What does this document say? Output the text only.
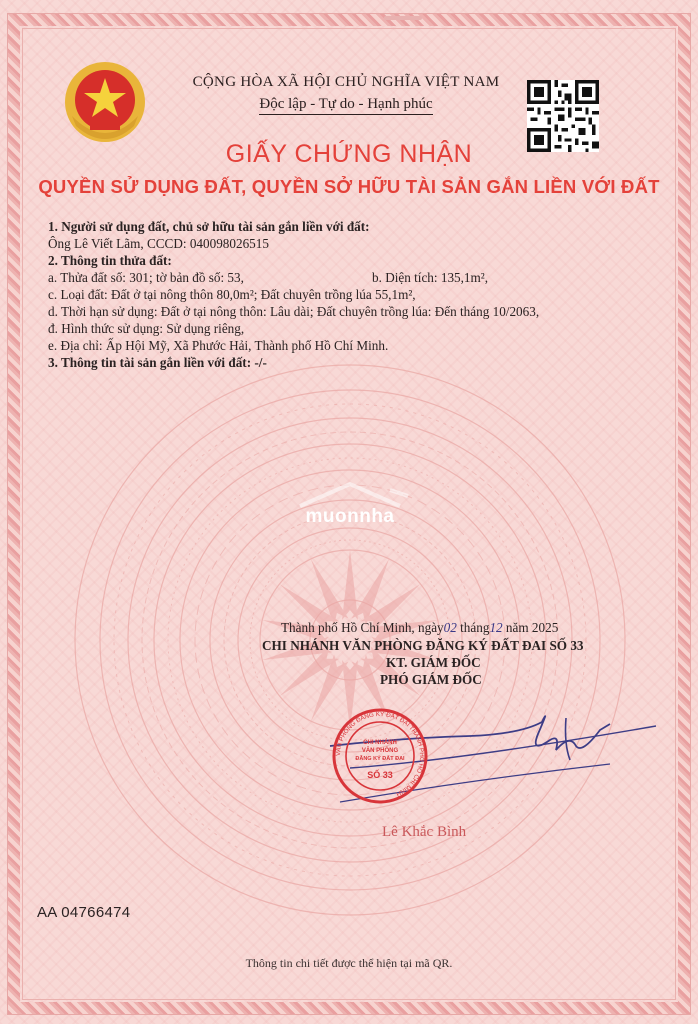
CỘNG HÒA XÃ HỘI CHỦ NGHĨA VIỆT NAM
Độc lập - Tự do - Hạnh phúc
GIẤY CHỨNG NHẬN
QUYỀN SỬ DỤNG ĐẤT, QUYỀN SỞ HỮU TÀI SẢN GẮN LIỀN VỚI ĐẤT
1. Người sử dụng đất, chủ sở hữu tài sản gắn liền với đất:
Ông Lê Viết Lãm, CCCD: 040098026515
2. Thông tin thửa đất:
a. Thửa đất số: 301; tờ bản đồ số: 53,	b. Diện tích: 135,1m²,
c. Loại đất: Đất ở tại nông thôn 80,0m²; Đất chuyên trồng lúa 55,1m²,
d. Thời hạn sử dụng: Đất ở tại nông thôn: Lâu dài; Đất chuyên trồng lúa: Đến tháng 10/2063,
đ. Hình thức sử dụng: Sử dụng riêng,
e. Địa chỉ: Ấp Hội Mỹ, Xã Phước Hải, Thành phố Hồ Chí Minh.
3. Thông tin tài sản gắn liền với đất: -/-
muonnha
Thành phố Hồ Chí Minh, ngày02 tháng12 năm 2025
CHI NHÁNH VĂN PHÒNG ĐĂNG KÝ ĐẤT ĐAI SỐ 33
KT. GIÁM ĐỐC
PHÓ GIÁM ĐỐC
VĂN PHÒNG ĐĂNG KÝ ĐẤT ĐAI THÀNH PHỐ HỒ CHÍ MINH
CHI NHÁNH
VĂN PHÒNG
ĐĂNG KÝ ĐẤT ĐAI
SỐ 33
Lê Khắc Bình
AA 04766474
Thông tin chi tiết được thể hiện tại mã QR.
